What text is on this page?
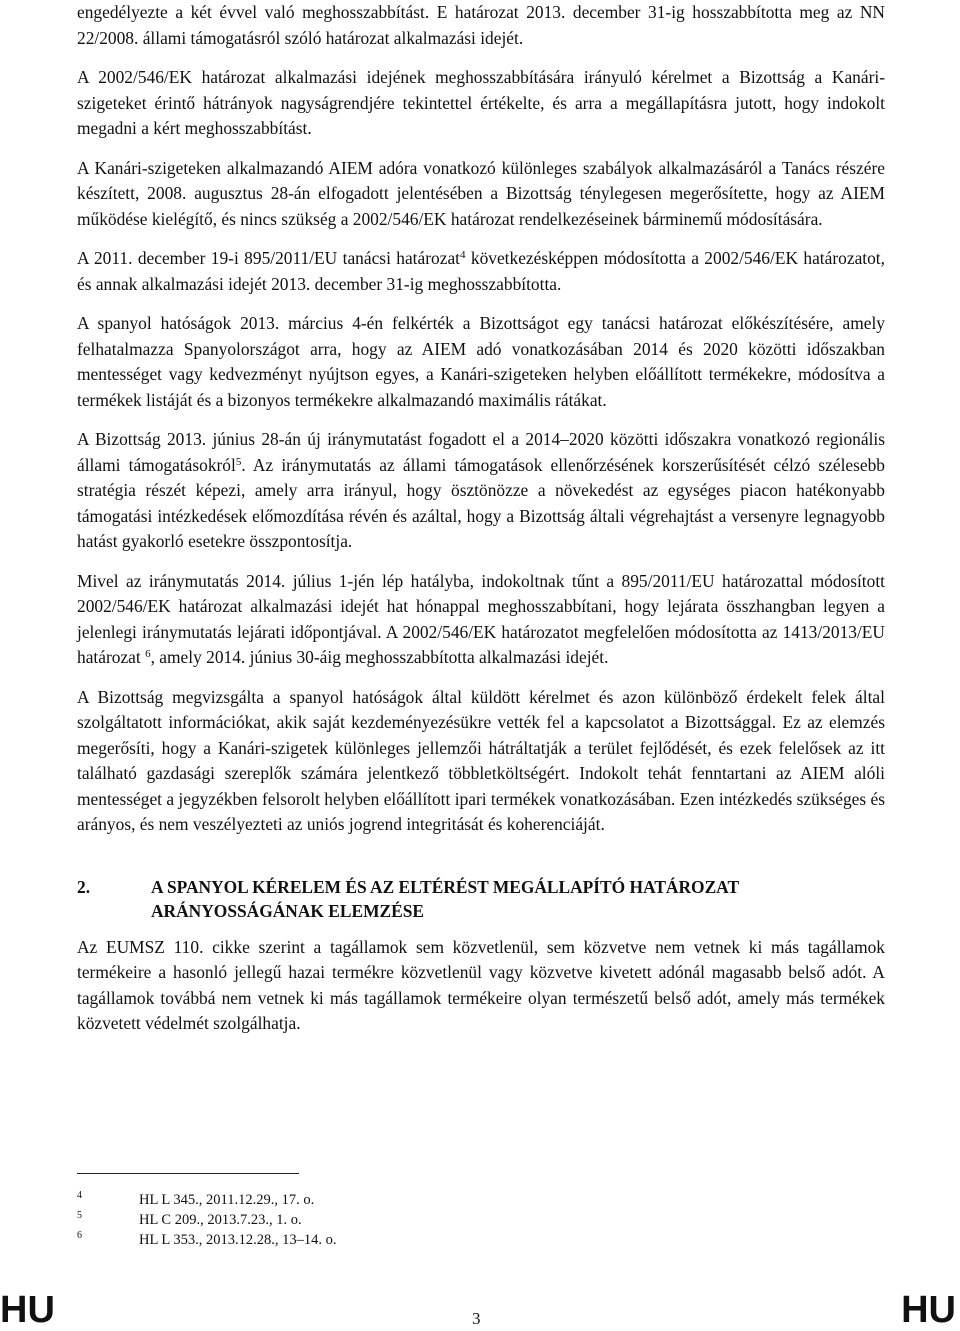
engedélyezte a két évvel való meghosszabbítást. E határozat 2013. december 31-ig hosszabbította meg az NN 22/2008. állami támogatásról szóló határozat alkalmazási idejét.

A 2002/546/EK határozat alkalmazási idejének meghosszabbítására irányuló kérelmet a Bizottság a Kanári-szigeteket érintő hátrányok nagyságrendjére tekintettel értékelte, és arra a megállapításra jutott, hogy indokolt megadni a kért meghosszabbítást.

A Kanári-szigeteken alkalmazandó AIEM adóra vonatkozó különleges szabályok alkalmazásáról a Tanács részére készített, 2008. augusztus 28-án elfogadott jelentésében a Bizottság ténylegesen megerősítette, hogy az AIEM működése kielégítő, és nincs szükség a 2002/546/EK határozat rendelkezéseinek bárminemű módosítására.

A 2011. december 19-i 895/2011/EU tanácsi határozat$^4$ következésképpen módosította a 2002/546/EK határozatot, és annak alkalmazási idejét 2013. december 31-ig meghosszabbította.

A spanyol hatóságok 2013. március 4-én felkérték a Bizottságot egy tanácsi határozat előkészítésére, amely felhatalmazza Spanyolországot arra, hogy az AIEM adó vonatkozásában 2014 és 2020 közötti időszakban mentességet vagy kedvezményt nyújtson egyes, a Kanári-szigeteken helyben előállított termékekre, módosítva a termékek listáját és a bizonyos termékekre alkalmazandó maximális rátákat.

A Bizottság 2013. június 28-án új iránymutatást fogadott el a 2014–2020 közötti időszakra vonatkozó regionális állami támogatásokról$^5$. Az iránymutatás az állami támogatások ellenőrzésének korszerűsítését célzó szélesebb stratégia részét képezi, amely arra irányul, hogy ösztönözze a növekedést az egységes piacon hatékonyabb támogatási intézkedések előmozdítása révén és azáltal, hogy a Bizottság általi végrehajtást a versenyre legnagyobb hatást gyakorló esetekre összpontosítja.

Mivel az iránymutatás 2014. július 1-jén lép hatályba, indokoltnak tűnt a 895/2011/EU határozattal módosított 2002/546/EK határozat alkalmazási idejét hat hónappal meghosszabbítani, hogy lejárata összhangban legyen a jelenlegi iránymutatás lejárati időpontjával. A 2002/546/EK határozatot megfelelően módosította az 1413/2013/EU határozat $^6$, amely 2014. június 30-áig meghosszabbította alkalmazási idejét.

A Bizottság megvizsgálta a spanyol hatóságok által küldött kérelmet és azon különböző érdekelt felek által szolgáltatott információkat, akik saját kezdeményezésükre vették fel a kapcsolatot a Bizottsággal. Ez az elemzés megerősíti, hogy a Kanári-szigetek különleges jellemzői hátráltatják a terület fejlődését, és ezek felelősek az itt található gazdasági szereplők számára jelentkező többletköltségért. Indokolt tehát fenntartani az AIEM alóli mentességet a jegyzékben felsorolt helyben előállított ipari termékek vonatkozásában. Ezen intézkedés szükséges és arányos, és nem veszélyezteti az uniós jogrend integritását és koherenciáját.

2.	A SPANYOL KÉRELEM ÉS AZ ELTÉRÉST MEGÁLLAPÍTÓ HATÁROZAT
ARÁNYOSSÁGÁNAK ELEMZÉSE

Az EUMSZ 110. cikke szerint a tagállamok sem közvetlenül, sem közvetve nem vetnek ki más tagállamok termékeire a hasonló jellegű hazai termékre közvetlenül vagy közvetve kivetett adónál magasabb belső adót. A tagállamok továbbá nem vetnek ki más tagállamok termékeire olyan természetű belső adót, amely más termékek közvetett védelmét szolgálhatja.

4	HL L 345., 2011.12.29., 17. o.
5	HL C 209., 2013.7.23., 1. o.
6	HL L 353., 2013.12.28., 13–14. o.
HU	3	HU
